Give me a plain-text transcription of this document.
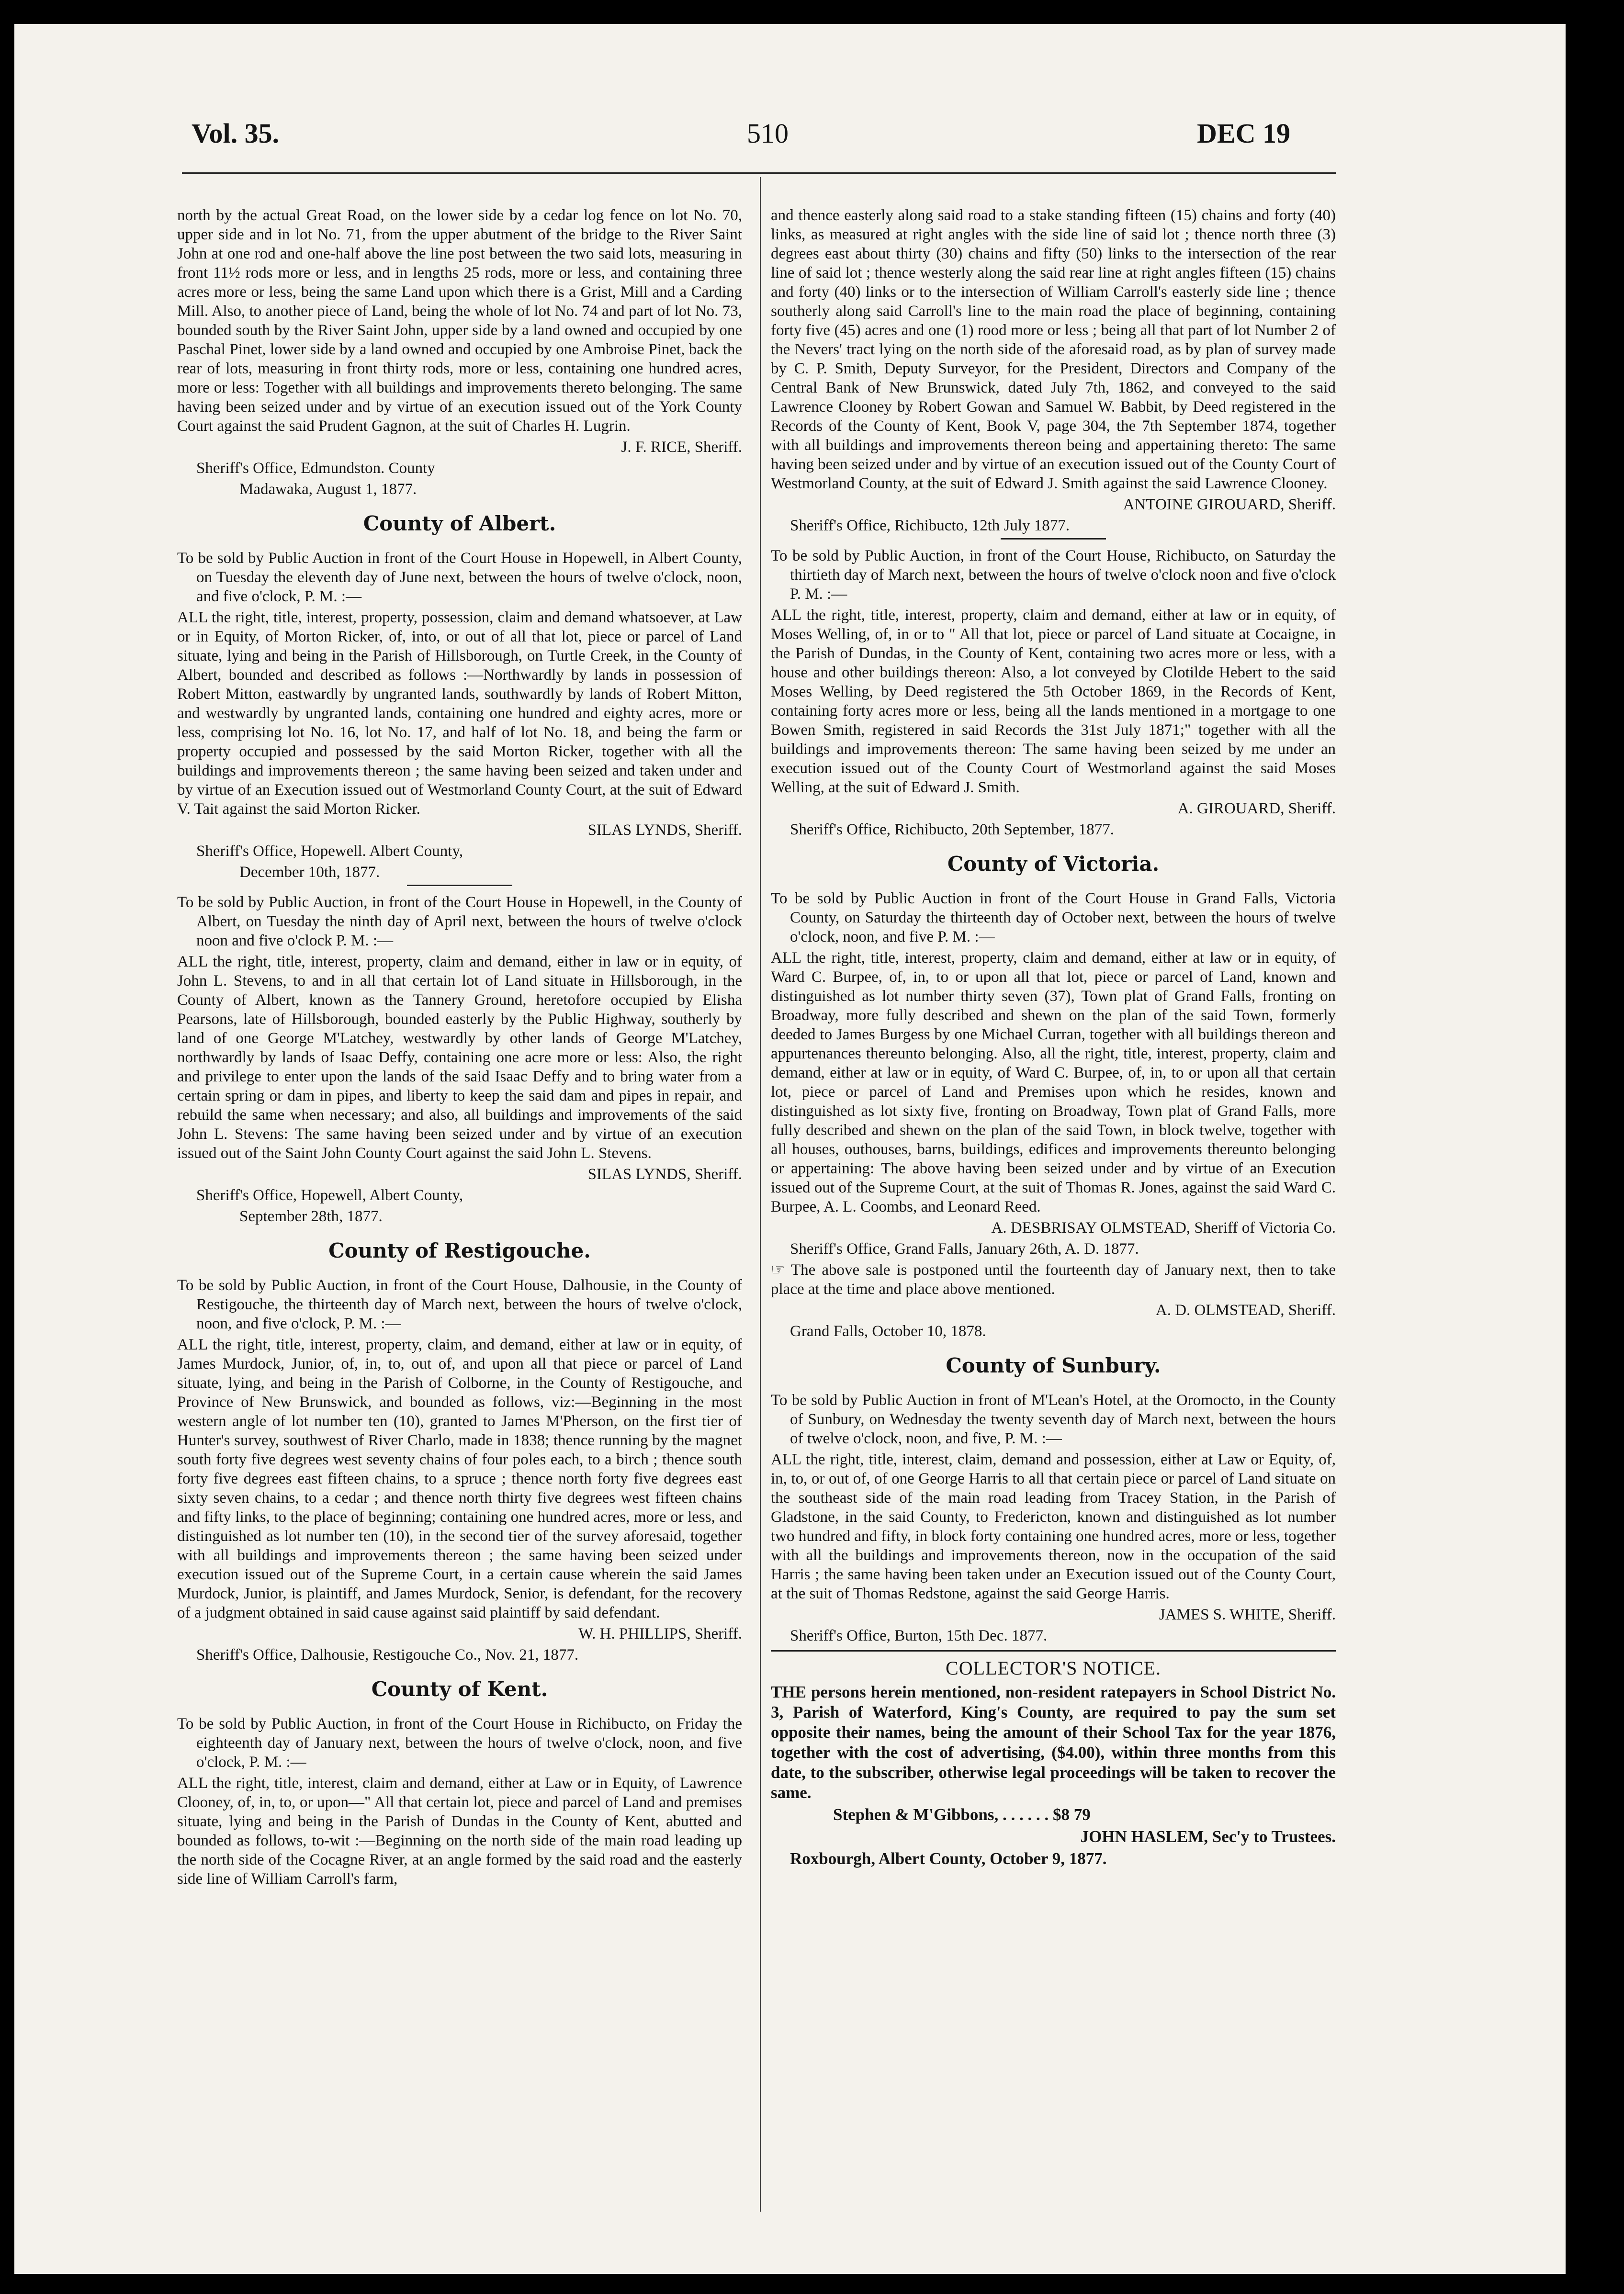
Vol. 35.	510	DEC 19

north by the actual Great Road, on the lower side by a cedar log fence on lot No. 70, upper side and in lot No. 71, from the upper abutment of the bridge to the River Saint John at one rod and one-half above the line post between the two said lots, measuring in front 11½ rods more or less, and in lengths 25 rods, more or less, and containing three acres more or less, being the same Land upon which there is a Grist, Mill and a Carding Mill. Also, to another piece of Land, being the whole of lot No. 74 and part of lot No. 73, bounded south by the River Saint John, upper side by a land owned and occupied by one Paschal Pinet, lower side by a land owned and occupied by one Ambroise Pinet, back the rear of lots, measuring in front thirty rods, more or less, containing one hundred acres, more or less: Together with all buildings and improvements thereto belonging. The same having been seized under and by virtue of an execution issued out of the York County Court against the said Prudent Gagnon, at the suit of Charles H. Lugrin.

J. F. RICE, Sheriff.

Sheriff's Office, Edmundston. County

Madawaka, August 1, 1877.

County of Albert.

To be sold by Public Auction in front of the Court House in Hopewell, in Albert County, on Tuesday the eleventh day of June next, between the hours of twelve o'clock, noon, and five o'clock, P. M. :—

ALL the right, title, interest, property, possession, claim and demand whatsoever, at Law or in Equity, of Morton Ricker, of, into, or out of all that lot, piece or parcel of Land situate, lying and being in the Parish of Hillsborough, on Turtle Creek, in the County of Albert, bounded and described as follows :—Northwardly by lands in possession of Robert Mitton, eastwardly by ungranted lands, southwardly by lands of Robert Mitton, and westwardly by ungranted lands, containing one hundred and eighty acres, more or less, comprising lot No. 16, lot No. 17, and half of lot No. 18, and being the farm or property occupied and possessed by the said Morton Ricker, together with all the buildings and improvements thereon ; the same having been seized and taken under and by virtue of an Execution issued out of Westmorland County Court, at the suit of Edward V. Tait against the said Morton Ricker.

SILAS LYNDS, Sheriff.

Sheriff's Office, Hopewell. Albert County,

December 10th, 1877.

To be sold by Public Auction, in front of the Court House in Hopewell, in the County of Albert, on Tuesday the ninth day of April next, between the hours of twelve o'clock noon and five o'clock P. M. :—

ALL the right, title, interest, property, claim and demand, either in law or in equity, of John L. Stevens, to and in all that certain lot of Land situate in Hillsborough, in the County of Albert, known as the Tannery Ground, heretofore occupied by Elisha Pearsons, late of Hillsborough, bounded easterly by the Public Highway, southerly by land of one George M'Latchey, westwardly by other lands of George M'Latchey, northwardly by lands of Isaac Deffy, containing one acre more or less: Also, the right and privilege to enter upon the lands of the said Isaac Deffy and to bring water from a certain spring or dam in pipes, and liberty to keep the said dam and pipes in repair, and rebuild the same when necessary; and also, all buildings and improvements of the said John L. Stevens: The same having been seized under and by virtue of an execution issued out of the Saint John County Court against the said John L. Stevens.

SILAS LYNDS, Sheriff.

Sheriff's Office, Hopewell, Albert County,

September 28th, 1877.

County of Restigouche.

To be sold by Public Auction, in front of the Court House, Dalhousie, in the County of Restigouche, the thirteenth day of March next, between the hours of twelve o'clock, noon, and five o'clock, P. M. :—

ALL the right, title, interest, property, claim, and demand, either at law or in equity, of James Murdock, Junior, of, in, to, out of, and upon all that piece or parcel of Land situate, lying, and being in the Parish of Colborne, in the County of Restigouche, and Province of New Brunswick, and bounded as follows, viz:—Beginning in the most western angle of lot number ten (10), granted to James M'Pherson, on the first tier of Hunter's survey, southwest of River Charlo, made in 1838; thence running by the magnet south forty five degrees west seventy chains of four poles each, to a birch ; thence south forty five degrees east fifteen chains, to a spruce ; thence north forty five degrees east sixty seven chains, to a cedar ; and thence north thirty five degrees west fifteen chains and fifty links, to the place of beginning; containing one hundred acres, more or less, and distinguished as lot number ten (10), in the second tier of the survey aforesaid, together with all buildings and improvements thereon ; the same having been seized under execution issued out of the Supreme Court, in a certain cause wherein the said James Murdock, Junior, is plaintiff, and James Murdock, Senior, is defendant, for the recovery of a judgment obtained in said cause against said plaintiff by said defendant.

W. H. PHILLIPS, Sheriff.

Sheriff's Office, Dalhousie, Restigouche Co., Nov. 21, 1877.

County of Kent.

To be sold by Public Auction, in front of the Court House in Richibucto, on Friday the eighteenth day of January next, between the hours of twelve o'clock, noon, and five o'clock, P. M. :—

ALL the right, title, interest, claim and demand, either at Law or in Equity, of Lawrence Clooney, of, in, to, or upon—" All that certain lot, piece and parcel of Land and premises situate, lying and being in the Parish of Dundas in the County of Kent, abutted and bounded as follows, to-wit :—Beginning on the north side of the main road leading up the north side of the Cocagne River, at an angle formed by the said road and the easterly side line of William Carroll's farm,

and thence easterly along said road to a stake standing fifteen (15) chains and forty (40) links, as measured at right angles with the side line of said lot ; thence north three (3) degrees east about thirty (30) chains and fifty (50) links to the intersection of the rear line of said lot ; thence westerly along the said rear line at right angles fifteen (15) chains and forty (40) links or to the intersection of William Carroll's easterly side line ; thence southerly along said Carroll's line to the main road the place of beginning, containing forty five (45) acres and one (1) rood more or less ; being all that part of lot Number 2 of the Nevers' tract lying on the north side of the aforesaid road, as by plan of survey made by C. P. Smith, Deputy Surveyor, for the President, Directors and Company of the Central Bank of New Brunswick, dated July 7th, 1862, and conveyed to the said Lawrence Clooney by Robert Gowan and Samuel W. Babbit, by Deed registered in the Records of the County of Kent, Book V, page 304, the 7th September 1874, together with all buildings and improvements thereon being and appertaining thereto: The same having been seized under and by virtue of an execution issued out of the County Court of Westmorland County, at the suit of Edward J. Smith against the said Lawrence Clooney.

ANTOINE GIROUARD, Sheriff.

Sheriff's Office, Richibucto, 12th July 1877.

To be sold by Public Auction, in front of the Court House, Richibucto, on Saturday the thirtieth day of March next, between the hours of twelve o'clock noon and five o'clock P. M. :—

ALL the right, title, interest, property, claim and demand, either at law or in equity, of Moses Welling, of, in or to " All that lot, piece or parcel of Land situate at Cocaigne, in the Parish of Dundas, in the County of Kent, containing two acres more or less, with a house and other buildings thereon: Also, a lot conveyed by Clotilde Hebert to the said Moses Welling, by Deed registered the 5th October 1869, in the Records of Kent, containing forty acres more or less, being all the lands mentioned in a mortgage to one Bowen Smith, registered in said Records the 31st July 1871;" together with all the buildings and improvements thereon: The same having been seized by me under an execution issued out of the County Court of Westmorland against the said Moses Welling, at the suit of Edward J. Smith.

A. GIROUARD, Sheriff.

Sheriff's Office, Richibucto, 20th September, 1877.

County of Victoria.

To be sold by Public Auction in front of the Court House in Grand Falls, Victoria County, on Saturday the thirteenth day of October next, between the hours of twelve o'clock, noon, and five P. M. :—

ALL the right, title, interest, property, claim and demand, either at law or in equity, of Ward C. Burpee, of, in, to or upon all that lot, piece or parcel of Land, known and distinguished as lot number thirty seven (37), Town plat of Grand Falls, fronting on Broadway, more fully described and shewn on the plan of the said Town, formerly deeded to James Burgess by one Michael Curran, together with all buildings thereon and appurtenances thereunto belonging. Also, all the right, title, interest, property, claim and demand, either at law or in equity, of Ward C. Burpee, of, in, to or upon all that certain lot, piece or parcel of Land and Premises upon which he resides, known and distinguished as lot sixty five, fronting on Broadway, Town plat of Grand Falls, more fully described and shewn on the plan of the said Town, in block twelve, together with all houses, outhouses, barns, buildings, edifices and improvements thereunto belonging or appertaining: The above having been seized under and by virtue of an Execution issued out of the Supreme Court, at the suit of Thomas R. Jones, against the said Ward C. Burpee, A. L. Coombs, and Leonard Reed.

A. DESBRISAY OLMSTEAD, Sheriff of Victoria Co.

Sheriff's Office, Grand Falls, January 26th, A. D. 1877.

☞ The above sale is postponed until the fourteenth day of January next, then to take place at the time and place above mentioned.

A. D. OLMSTEAD, Sheriff.

Grand Falls, October 10, 1878.

County of Sunbury.

To be sold by Public Auction in front of M'Lean's Hotel, at the Oromocto, in the County of Sunbury, on Wednesday the twenty seventh day of March next, between the hours of twelve o'clock, noon, and five, P. M. :—

ALL the right, title, interest, claim, demand and possession, either at Law or Equity, of, in, to, or out of, of one George Harris to all that certain piece or parcel of Land situate on the southeast side of the main road leading from Tracey Station, in the Parish of Gladstone, in the said County, to Fredericton, known and distinguished as lot number two hundred and fifty, in block forty containing one hundred acres, more or less, together with all the buildings and improvements thereon, now in the occupation of the said Harris ; the same having been taken under an Execution issued out of the County Court, at the suit of Thomas Redstone, against the said George Harris.

JAMES S. WHITE, Sheriff.

Sheriff's Office, Burton, 15th Dec. 1877.

COLLECTOR'S NOTICE.

THE persons herein mentioned, non-resident ratepayers in School District No. 3, Parish of Waterford, King's County, are required to pay the sum set opposite their names, being the amount of their School Tax for the year 1876, together with the cost of advertising, ($4.00), within three months from this date, to the subscriber, otherwise legal proceedings will be taken to recover the same.

Stephen & M'Gibbons, . . . . . . $8 79

JOHN HASLEM, Sec'y to Trustees.

Roxbourgh, Albert County, October 9, 1877.
